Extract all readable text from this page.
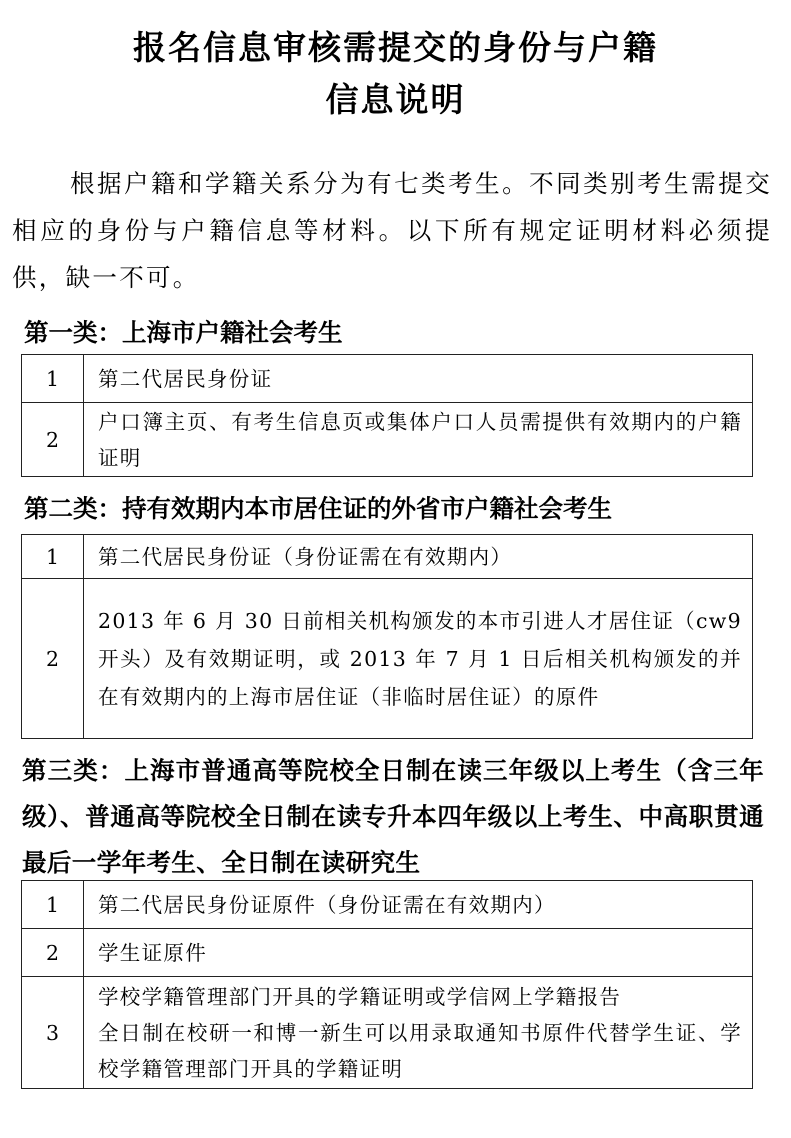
报名信息审核需提交的身份与户籍
信息说明
根据户籍和学籍关系分为有七类考生。不同类别考生需提交相应的身份与户籍信息等材料。以下所有规定证明材料必须提供，缺一不可。
第一类：上海市户籍社会考生
1	第二代居民身份证
2	户口簿主页、有考生信息页或集体户口人员需提供有效期内的户籍证明
第二类：持有效期内本市居住证的外省市户籍社会考生
1	第二代居民身份证（身份证需在有效期内）
2	2013 年 6 月 30 日前相关机构颁发的本市引进人才居住证（cw9 开头）及有效期证明，或 2013 年 7 月 1 日后相关机构颁发的并在有效期内的上海市居住证（非临时居住证）的原件
第三类：上海市普通高等院校全日制在读三年级以上考生（含三年级）、普通高等院校全日制在读专升本四年级以上考生、中高职贯通最后一学年考生、全日制在读研究生
1	第二代居民身份证原件（身份证需在有效期内）
2	学生证原件
3	学校学籍管理部门开具的学籍证明或学信网上学籍报告
全日制在校研一和博一新生可以用录取通知书原件代替学生证、学校学籍管理部门开具的学籍证明
